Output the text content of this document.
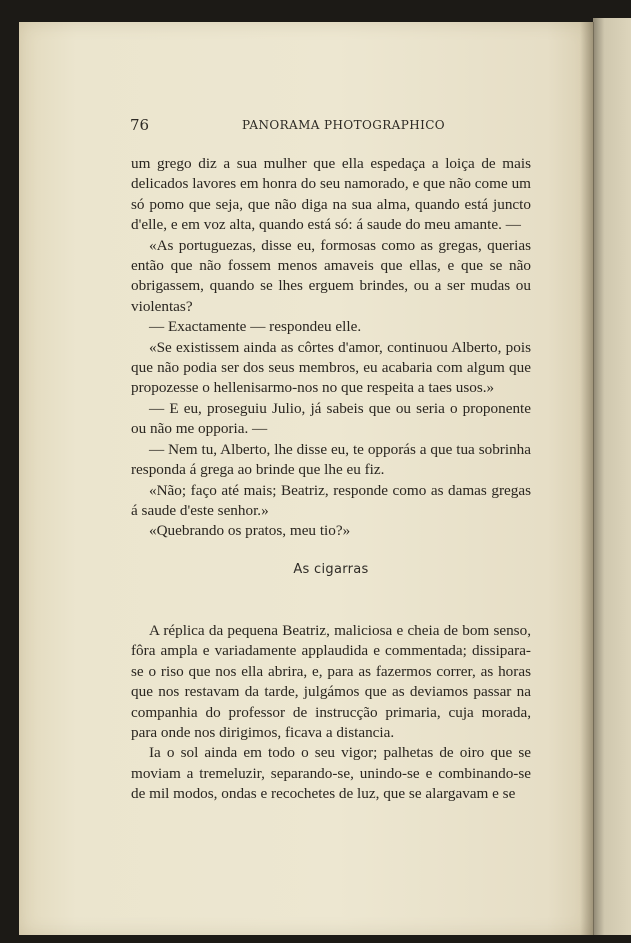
76	PANORAMA PHOTOGRAPHICO

um grego diz a sua mulher que ella espedaça a loiça de mais delicados lavores em honra do seu namorado, e que não come um só pomo que seja, que não diga na sua alma, quando está juncto d'elle, e em voz alta, quando está só: á saude do meu amante. —

«As portuguezas, disse eu, formosas como as gregas, querias então que não fossem menos amaveis que ellas, e que se não obrigassem, quando se lhes erguem brindes, ou a ser mudas ou violentas?

— Exactamente — respondeu elle.

«Se existissem ainda as côrtes d'amor, continuou Alberto, pois que não podia ser dos seus membros, eu acabaria com algum que propozesse o hellenisarmo-nos no que respeita a taes usos.»

— E eu, proseguiu Julio, já sabeis que ou seria o proponente ou não me opporia. —

— Nem tu, Alberto, lhe disse eu, te opporás a que tua sobrinha responda á grega ao brinde que lhe eu fiz.

«Não; faço até mais; Beatriz, responde como as damas gregas á saude d'este senhor.»

«Quebrando os pratos, meu tio?»

As cigarras

A réplica da pequena Beatriz, maliciosa e cheia de bom senso, fôra ampla e variadamente applaudida e commentada; dissipara-se o riso que nos ella abrira, e, para as fazermos correr, as horas que nos restavam da tarde, julgámos que as deviamos passar na companhia do professor de instrucção primaria, cuja morada, para onde nos dirigimos, ficava a distancia.

Ia o sol ainda em todo o seu vigor; palhetas de oiro que se moviam a tremeluzir, separando-se, unindo-se e combinando-se de mil modos, ondas e recochetes de luz, que se alargavam e se
